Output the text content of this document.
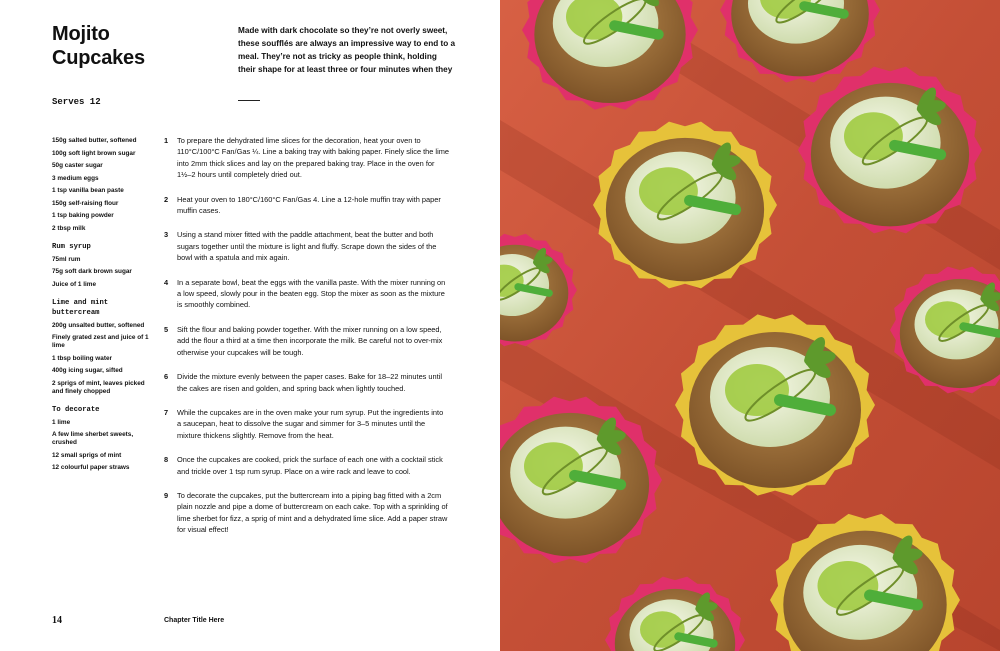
Mojito
Cupcakes

Made with dark chocolate so they’re not overly sweet, these soufflés are always an impressive way to end to a meal. They’re not as tricky as people think, holding their shape for at least three or four minutes when they

Serves 12

150g salted butter, softened
100g soft light brown sugar
50g caster sugar
3 medium eggs
1 tsp vanilla bean paste
150g self-raising flour
1 tsp baking powder
2 tbsp milk

Rum syrup

75ml rum
75g soft dark brown sugar
Juice of 1 lime

Lime and mint buttercream

200g unsalted butter, softened
Finely grated zest and juice of 1 lime
1 tbsp boiling water
400g icing sugar, sifted
2 sprigs of mint, leaves picked and finely chopped

To decorate

1 lime
A few lime sherbet sweets, crushed
12 small sprigs of mint
12 colourful paper straws
1 To prepare the dehydrated lime slices for the decoration, heat your oven to 110°C/100°C Fan/Gas ¼. Line a baking tray with baking paper. Finely slice the lime into 2mm thick slices and lay on the prepared baking tray. Place in the oven for 1½–2 hours until completely dried out.
2 Heat your oven to 180°C/160°C Fan/Gas 4. Line a 12-hole muffin tray with paper muffin cases.
3 Using a stand mixer fitted with the paddle attachment, beat the butter and both sugars together until the mixture is light and fluffy. Scrape down the sides of the bowl with a spatula and mix again.
4 In a separate bowl, beat the eggs with the vanilla paste. With the mixer running on a low speed, slowly pour in the beaten egg. Stop the mixer as soon as the mixture is smoothly combined.
5 Sift the flour and baking powder together. With the mixer running on a low speed, add the flour a third at a time then incorporate the milk. Be careful not to over-mix otherwise your cupcakes will be tough.
6 Divide the mixture evenly between the paper cases. Bake for 18–22 minutes until the cakes are risen and golden, and spring back when lightly touched.
7 While the cupcakes are in the oven make your rum syrup. Put the ingredients into a saucepan, heat to dissolve the sugar and simmer for 3–5 minutes until the mixture thickens slightly. Remove from the heat.
8 Once the cupcakes are cooked, prick the surface of each one with a cocktail stick and trickle over 1 tsp rum syrup. Place on a wire rack and leave to cool.
9 To decorate the cupcakes, put the buttercream into a piping bag fitted with a 2cm plain nozzle and pipe a dome of buttercream on each cake. Top with a sprinkling of lime sherbet for fizz, a sprig of mint and a dehydrated lime slice. Add a paper straw for visual effect!

14	Chapter Title Here
